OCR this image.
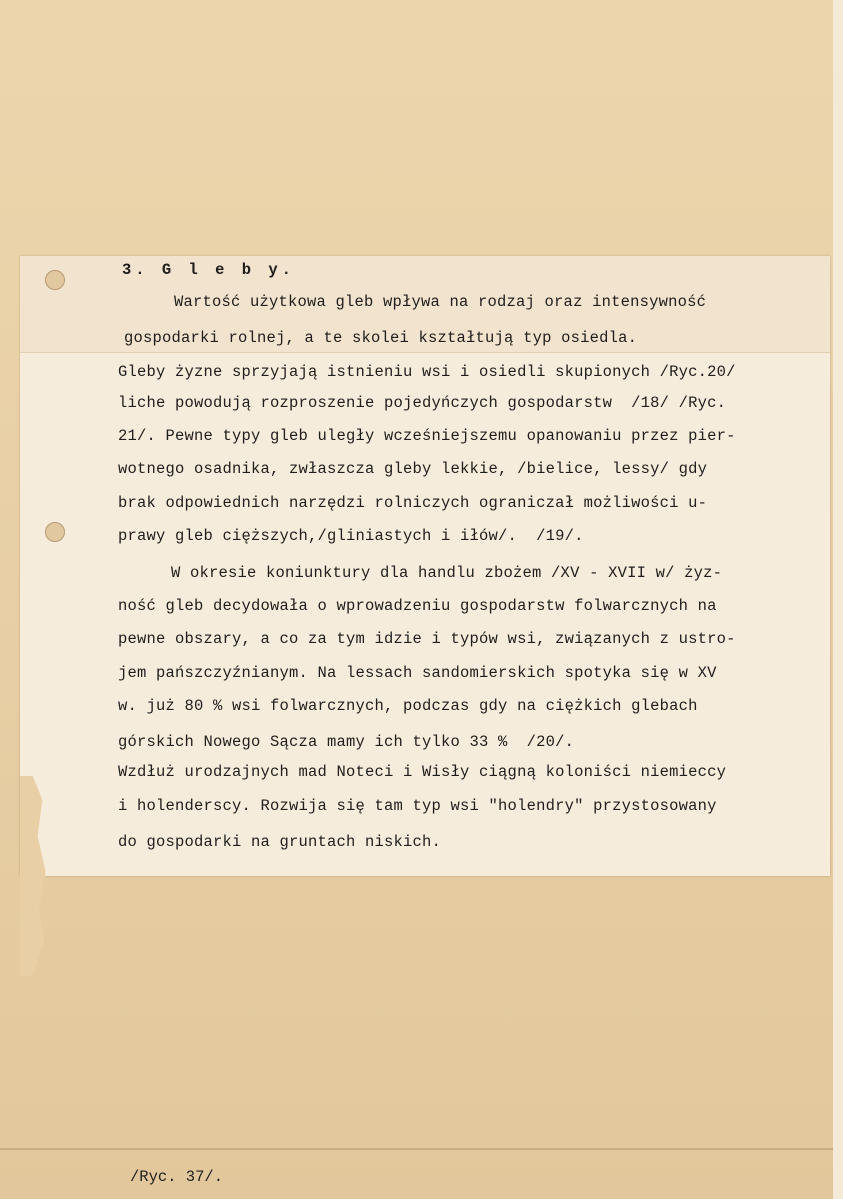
3. G l e b y.

Wartość użytkowa gleb wpływa na rodzaj oraz intensywność

gospodarki rolnej, a te skolei kształtują typ osiedla.

Gleby żyzne sprzyjają istnieniu wsi i osiedli skupionych /Ryc.20/

liche powodują rozproszenie pojedyńczych gospodarstw  /18/ /Ryc.

21/. Pewne typy gleb uległy wcześniejszemu opanowaniu przez pier-

wotnego osadnika, zwłaszcza gleby lekkie, /bielice, lessy/ gdy

brak odpowiednich narzędzi rolniczych ograniczał możliwości u-

prawy gleb cięższych,/gliniastych i iłów/.  /19/.

W okresie koniunktury dla handlu zbożem /XV - XVII w/ żyz-

ność gleb decydowała o wprowadzeniu gospodarstw folwarcznych na

pewne obszary, a co za tym idzie i typów wsi, związanych z ustro-

jem pańszczyźnianym. Na lessach sandomierskich spotyka się w XV

w. już 80 % wsi folwarcznych, podczas gdy na ciężkich glebach

górskich Nowego Sącza mamy ich tylko 33 %  /20/.

Wzdłuż urodzajnych mad Noteci i Wisły ciągną koloniści niemieccy

i holenderscy. Rozwija się tam typ wsi "holendry" przystosowany

do gospodarki na gruntach niskich.

/Ryc. 37/.
